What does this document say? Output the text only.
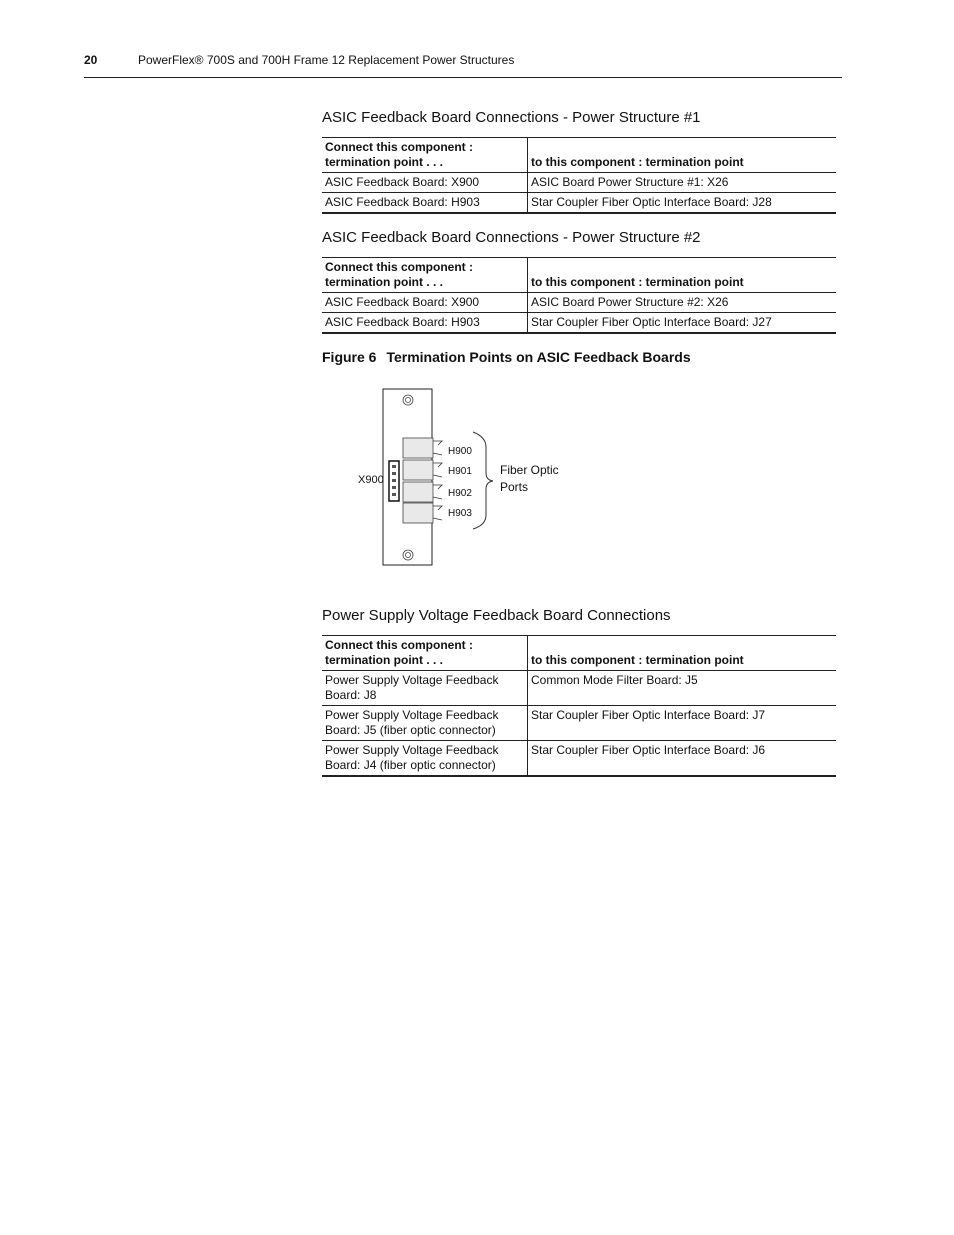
20	PowerFlex® 700S and 700H Frame 12 Replacement Power Structures
ASIC Feedback Board Connections - Power Structure #1
Connect this component : termination point . . .	to this component : termination point
ASIC Feedback Board: X900	ASIC Board Power Structure #1: X26
ASIC Feedback Board: H903	Star Coupler Fiber Optic Interface Board: J28
ASIC Feedback Board Connections - Power Structure #2
Connect this component : termination point . . .	to this component : termination point
ASIC Feedback Board: X900	ASIC Board Power Structure #2: X26
ASIC Feedback Board: H903	Star Coupler Fiber Optic Interface Board: J27
Figure 6 Termination Points on ASIC Feedback Boards
X900
H900
H901
H902
H903
Fiber Optic
Ports
Power Supply Voltage Feedback Board Connections
Connect this component : termination point . . .	to this component : termination point
Power Supply Voltage Feedback Board: J8	Common Mode Filter Board: J5
Power Supply Voltage Feedback Board: J5 (fiber optic connector)	Star Coupler Fiber Optic Interface Board: J7
Power Supply Voltage Feedback Board: J4 (fiber optic connector)	Star Coupler Fiber Optic Interface Board: J6
